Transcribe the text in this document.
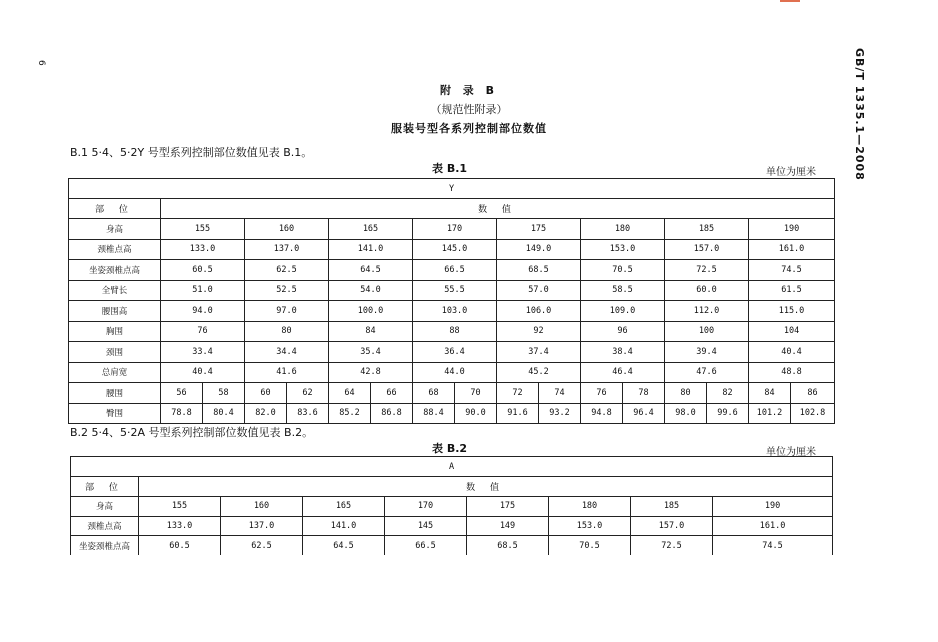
6	GB/T 1335.1—2008
附 录 B
（规范性附录）
服装号型各系列控制部位数值
B.1 5·4、5·2Y 号型系列控制部位数值见表 B.1。
表 B.1	单位为厘米
Y																
部 位	数 值															
身高	155		160		165		170		175		180		185		190	
颈椎点高	133.0		137.0		141.0		145.0		149.0		153.0		157.0		161.0	
坐姿颈椎点高	60.5		62.5		64.5		66.5		68.5		70.5		72.5		74.5	
全臂长	51.0		52.5		54.0		55.5		57.0		58.5		60.0		61.5	
腰围高	94.0		97.0		100.0		103.0		106.0		109.0		112.0		115.0	
胸围	76		80		84		88		92		96		100		104	
颈围	33.4		34.4		35.4		36.4		37.4		38.4		39.4		40.4	
总肩宽	40.4		41.6		42.8		44.0		45.2		46.4		47.6		48.8	
腰围	56	58	60	62	64	66	68	70	72	74	76	78	80	82	84	86
臀围	78.8	80.4	82.0	83.6	85.2	86.8	88.4	90.0	91.6	93.2	94.8	96.4	98.0	99.6	101.2	102.8
B.2 5·4、5·2A 号型系列控制部位数值见表 B.2。
表 B.2	单位为厘米
A								
部 位	数 值							
身高	155	160	165	170	175	180	185	190
颈椎点高	133.0	137.0	141.0	145	149	153.0	157.0	161.0
坐姿颈椎点高	60.5	62.5	64.5	66.5	68.5	70.5	72.5	74.5
